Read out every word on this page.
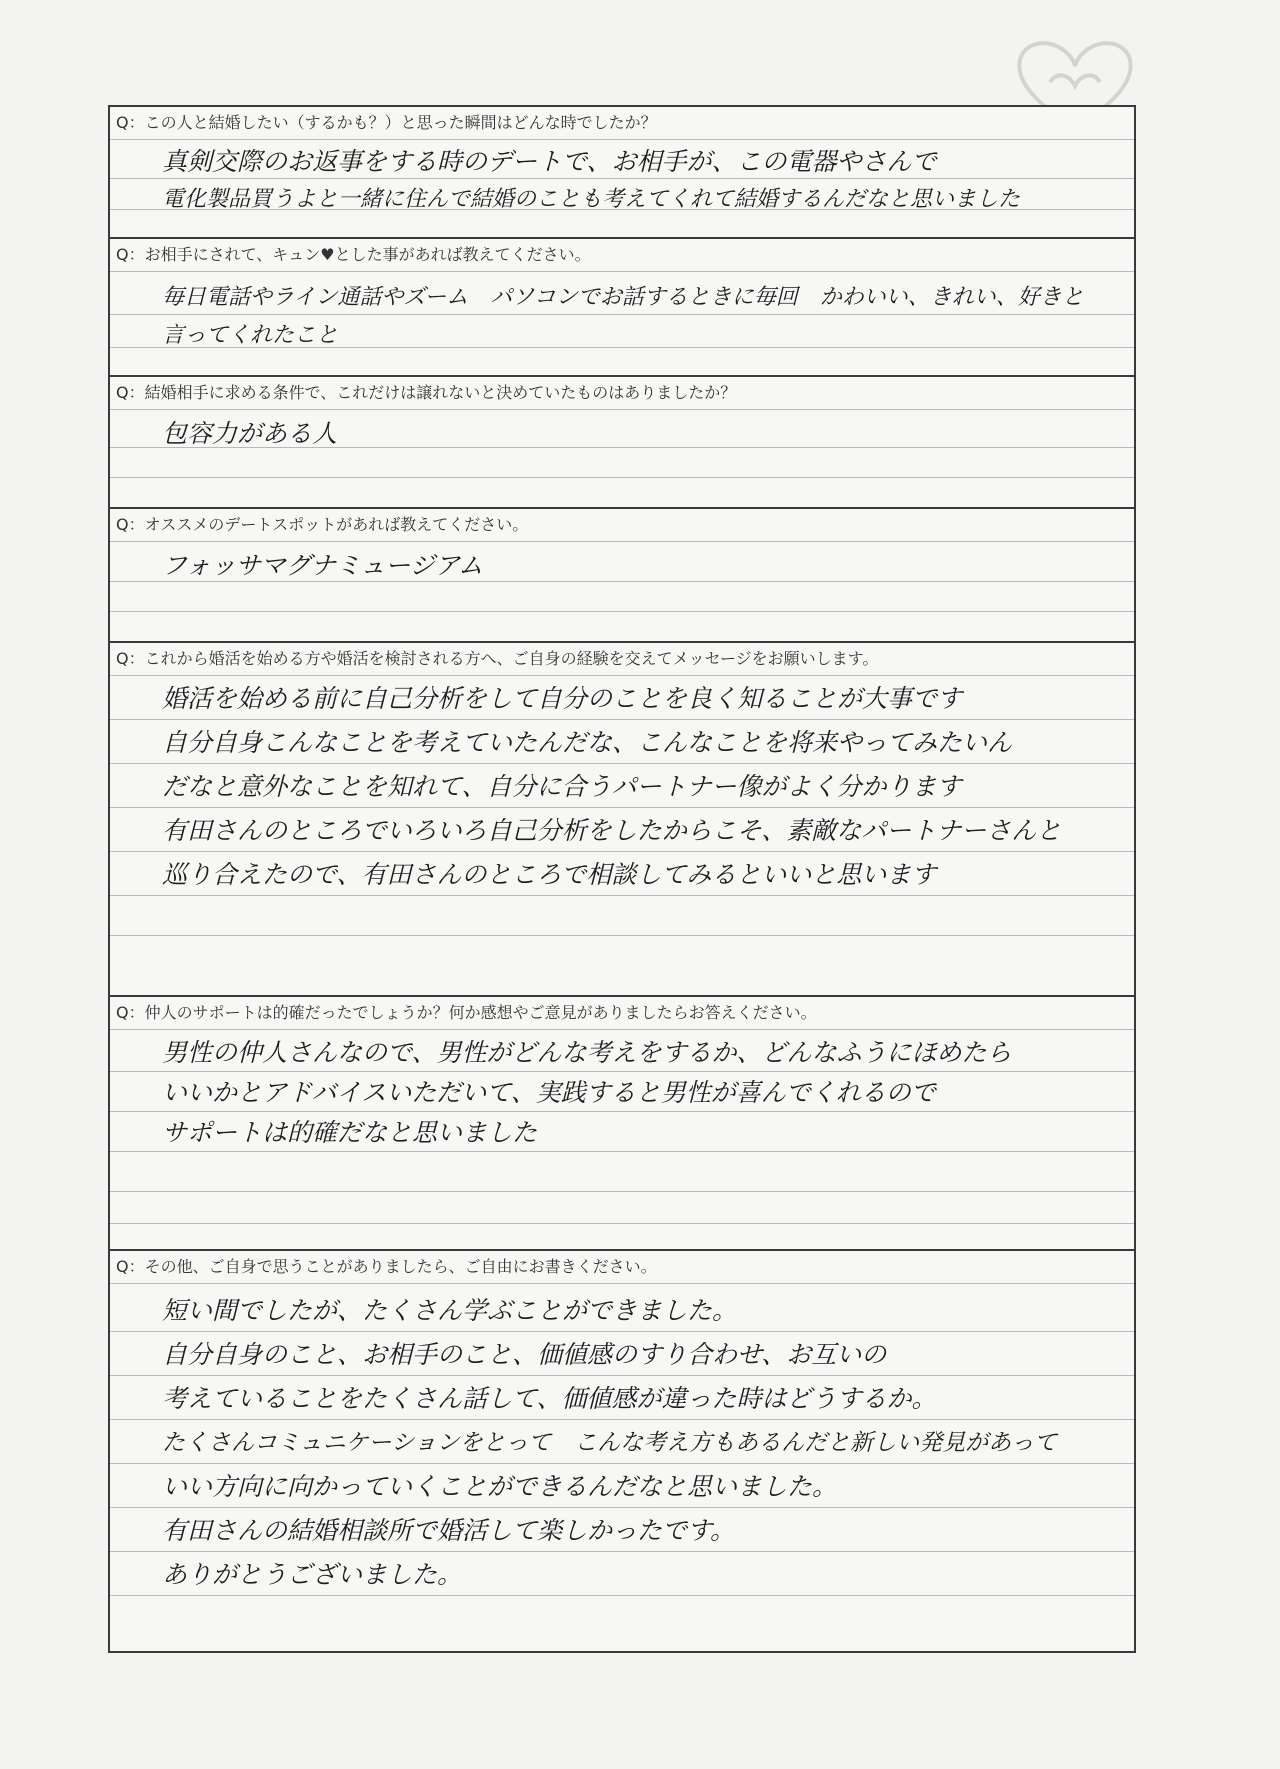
Q：この人と結婚したい（するかも？）と思った瞬間はどんな時でしたか？
真剣交際のお返事をする時のデートで、お相手が、この電器やさんで
電化製品買うよと一緒に住んで結婚のことも考えてくれて結婚するんだなと思いました
Q：お相手にされて、キュン♥とした事があれば教えてください。
毎日電話やライン通話やズーム　パソコンでお話するときに毎回　かわいい、きれい、好きと言ってくれたこと
Q：結婚相手に求める条件で、これだけは譲れないと決めていたものはありましたか？
包容力がある人
Q：オススメのデートスポットがあれば教えてください。
フォッサマグナミュージアム
Q：これから婚活を始める方や婚活を検討される方へ、ご自身の経験を交えてメッセージをお願いします。
婚活を始める前に自己分析をして自分のことを良く知ることが大事です
自分自身こんなことを考えていたんだな、こんなことを将来やってみたいん
だなと意外なことを知れて、自分に合うパートナー像がよく分かります
有田さんのところでいろいろ自己分析をしたからこそ、素敵なパートナーさんと
巡り合えたので、有田さんのところで相談してみるといいと思います
Q：仲人のサポートは的確だったでしょうか？何か感想やご意見がありましたらお答えください。
男性の仲人さんなので、男性がどんな考えをするか、どんなふうにほめたら
いいかとアドバイスいただいて、実践すると男性が喜んでくれるので
サポートは的確だなと思いました
Q：その他、ご自身で思うことがありましたら、ご自由にお書きください。
短い間でしたが、たくさん学ぶことができました。
自分自身のこと、お相手のこと、価値感のすり合わせ、お互いの
考えていることをたくさん話して、価値感が違った時はどうするか。
たくさんコミュニケーションをとって　こんな考え方もあるんだと新しい発見があって
いい方向に向かっていくことができるんだなと思いました。
有田さんの結婚相談所で婚活して楽しかったです。
ありがとうございました。
